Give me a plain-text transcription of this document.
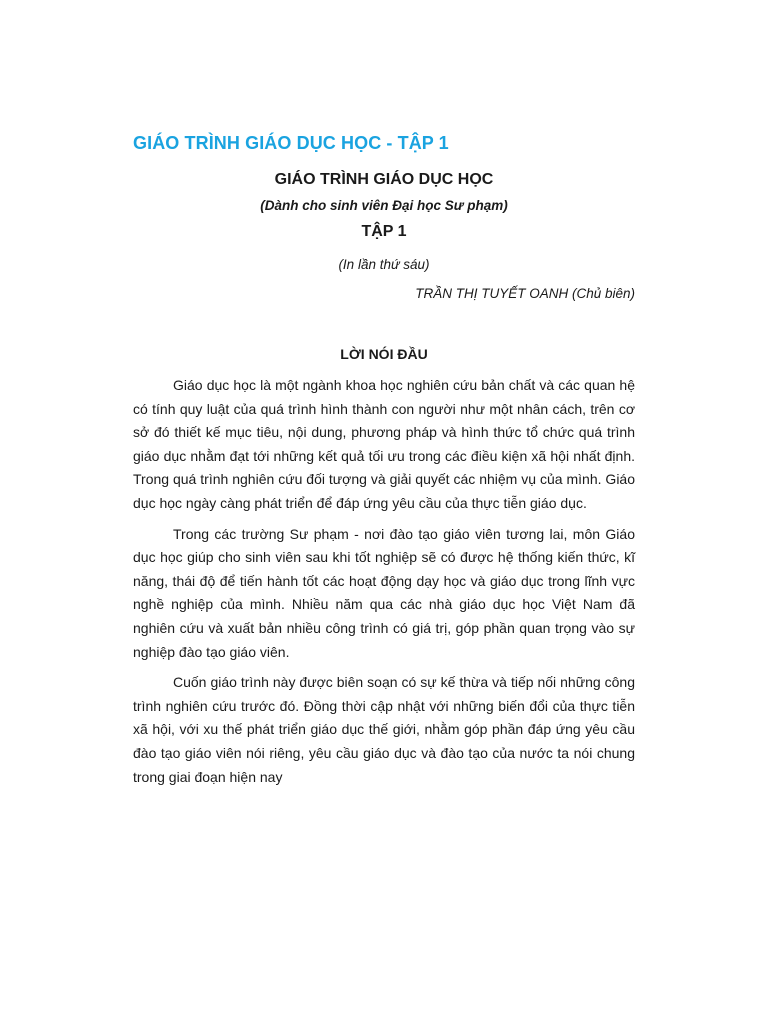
GIÁO TRÌNH GIÁO DỤC HỌC - TẬP 1
GIÁO TRÌNH GIÁO DỤC HỌC
(Dành cho sinh viên Đại học Sư phạm)
TẬP 1
(In lần thứ sáu)
TRẦN THỊ TUYẾT OANH (Chủ biên)
LỜI NÓI ĐẦU

Giáo dục học là một ngành khoa học nghiên cứu bản chất và các quan hệ có tính quy luật của quá trình hình thành con người như một nhân cách, trên cơ sở đó thiết kế mục tiêu, nội dung, phương pháp và hình thức tổ chức quá trình giáo dục nhằm đạt tới những kết quả tối ưu trong các điều kiện xã hội nhất định. Trong quá trình nghiên cứu đối tượng và giải quyết các nhiệm vụ của mình. Giáo dục học ngày càng phát triển để đáp ứng yêu cầu của thực tiễn giáo dục.

Trong các trường Sư phạm - nơi đào tạo giáo viên tương lai, môn Giáo dục học giúp cho sinh viên sau khi tốt nghiệp sẽ có được hệ thống kiến thức, kĩ năng, thái độ để tiến hành tốt các hoạt động dạy học và giáo dục trong lĩnh vực nghề nghiệp của mình. Nhiều năm qua các nhà giáo dục học Việt Nam đã nghiên cứu và xuất bản nhiều công trình có giá trị, góp phần quan trọng vào sự nghiệp đào tạo giáo viên.

Cuốn giáo trình này được biên soạn có sự kế thừa và tiếp nối những công trình nghiên cứu trước đó. Đồng thời cập nhật với những biến đổi của thực tiễn xã hội, với xu thế phát triển giáo dục thế giới, nhằm góp phần đáp ứng yêu cầu đào tạo giáo viên nói riêng, yêu cầu giáo dục và đào tạo của nước ta nói chung trong giai đoạn hiện nay
